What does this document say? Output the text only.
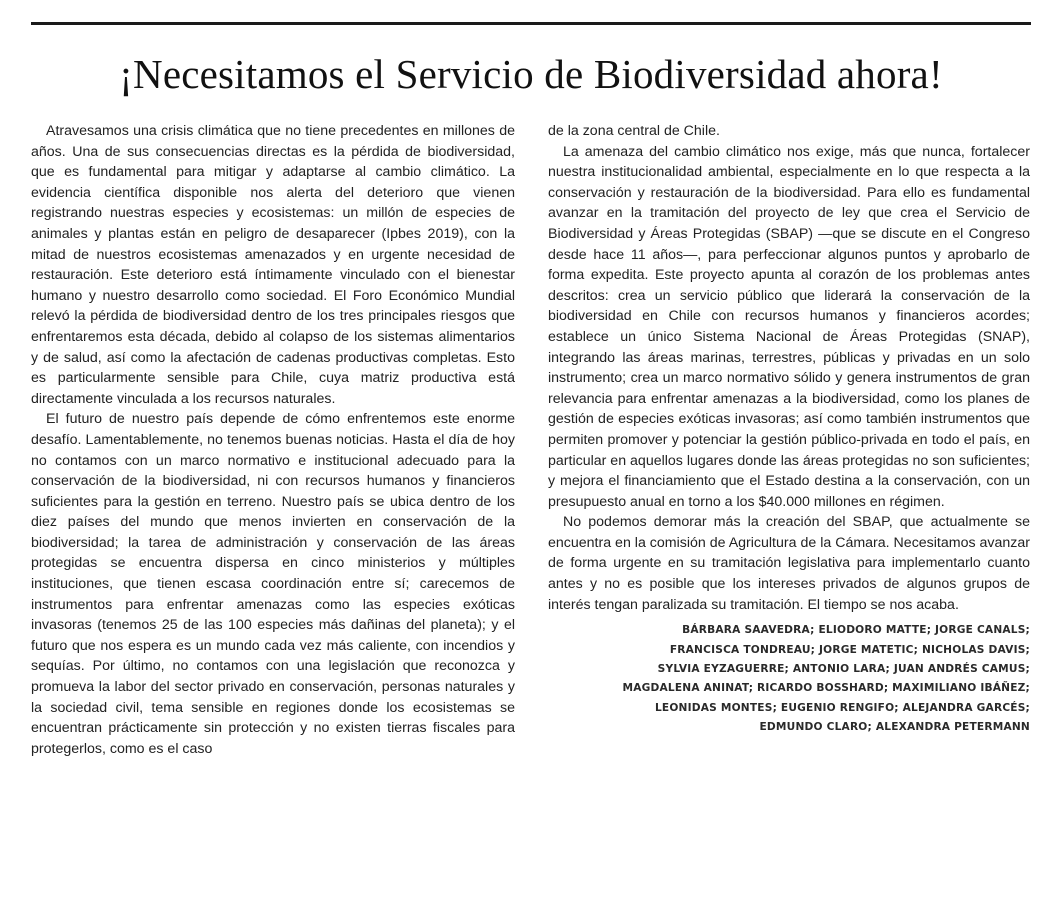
¡Necesitamos el Servicio de Biodiversidad ahora!

Atravesamos una crisis climática que no tiene precedentes en millones de años. Una de sus consecuencias directas es la pérdida de biodiversidad, que es fundamental para mitigar y adaptarse al cambio climático. La evidencia científica disponible nos alerta del deterioro que vienen registrando nuestras especies y ecosistemas: un millón de especies de animales y plantas están en peligro de desaparecer (Ipbes 2019), con la mitad de nuestros ecosistemas amenazados y en urgente necesidad de restauración. Este deterioro está íntimamente vinculado con el bienestar humano y nuestro desarrollo como sociedad. El Foro Económico Mundial relevó la pérdida de biodiversidad dentro de los tres principales riesgos que enfrentaremos esta década, debido al colapso de los sistemas alimentarios y de salud, así como la afectación de cadenas productivas completas. Esto es particularmente sensible para Chile, cuya matriz productiva está directamente vinculada a los recursos naturales.

El futuro de nuestro país depende de cómo enfrentemos este enorme desafío. Lamentablemente, no tenemos buenas noticias. Hasta el día de hoy no contamos con un marco normativo e institucional adecuado para la conservación de la biodiversidad, ni con recursos humanos y financieros suficientes para la gestión en terreno. Nuestro país se ubica dentro de los diez países del mundo que menos invierten en conservación de la biodiversidad; la tarea de administración y conservación de las áreas protegidas se encuentra dispersa en cinco ministerios y múltiples instituciones, que tienen escasa coordinación entre sí; carecemos de instrumentos para enfrentar amenazas como las especies exóticas invasoras (tenemos 25 de las 100 especies más dañinas del planeta); y el futuro que nos espera es un mundo cada vez más caliente, con incendios y sequías. Por último, no contamos con una legislación que reconozca y promueva la labor del sector privado en conservación, personas naturales y la sociedad civil, tema sensible en regiones donde los ecosistemas se encuentran prácticamente sin protección y no existen tierras fiscales para protegerlos, como es el caso

de la zona central de Chile.

La amenaza del cambio climático nos exige, más que nunca, fortalecer nuestra institucionalidad ambiental, especialmente en lo que respecta a la conservación y restauración de la biodiversidad. Para ello es fundamental avanzar en la tramitación del proyecto de ley que crea el Servicio de Biodiversidad y Áreas Protegidas (SBAP) —que se discute en el Congreso desde hace 11 años—, para perfeccionar algunos puntos y aprobarlo de forma expedita. Este proyecto apunta al corazón de los problemas antes descritos: crea un servicio público que liderará la conservación de la biodiversidad en Chile con recursos humanos y financieros acordes; establece un único Sistema Nacional de Áreas Protegidas (SNAP), integrando las áreas marinas, terrestres, públicas y privadas en un solo instrumento; crea un marco normativo sólido y genera instrumentos de gran relevancia para enfrentar amenazas a la biodiversidad, como los planes de gestión de especies exóticas invasoras; así como también instrumentos que permiten promover y potenciar la gestión público-privada en todo el país, en particular en aquellos lugares donde las áreas protegidas no son suficientes; y mejora el financiamiento que el Estado destina a la conservación, con un presupuesto anual en torno a los $40.000 millones en régimen.

No podemos demorar más la creación del SBAP, que actualmente se encuentra en la comisión de Agricultura de la Cámara. Necesitamos avanzar de forma urgente en su tramitación legislativa para implementarlo cuanto antes y no es posible que los intereses privados de algunos grupos de interés tengan paralizada su tramitación. El tiempo se nos acaba.

BÁRBARA SAAVEDRA; ELIODORO MATTE; JORGE CANALS;
FRANCISCA TONDREAU; JORGE MATETIC; NICHOLAS DAVIS;
SYLVIA EYZAGUERRE; ANTONIO LARA; JUAN ANDRÉS CAMUS;
MAGDALENA ANINAT; RICARDO BOSSHARD; MAXIMILIANO IBÁÑEZ;
LEONIDAS MONTES; EUGENIO RENGIFO; ALEJANDRA GARCÉS;
EDMUNDO CLARO; ALEXANDRA PETERMANN
